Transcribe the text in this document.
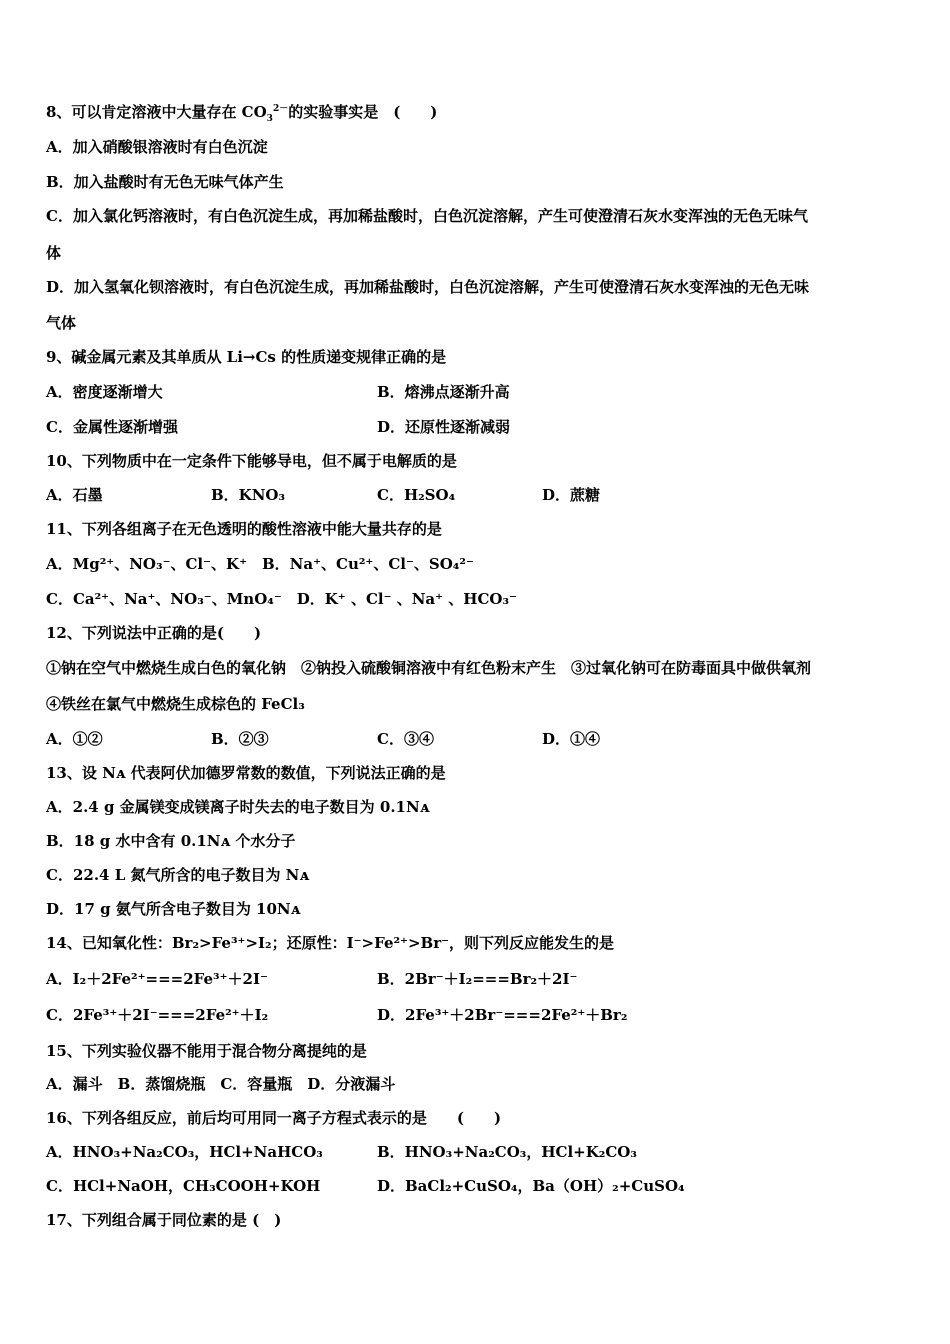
8、可以肯定溶液中大量存在 $CO_3^{2-}$的实验事实是　(　　)
A．加入硝酸银溶液时有白色沉淀
B．加入盐酸时有无色无味气体产生
C．加入氯化钙溶液时，有白色沉淀生成，再加稀盐酸时，白色沉淀溶解，产生可使澄清石灰水变浑浊的无色无味气
体
D．加入氢氧化钡溶液时，有白色沉淀生成，再加稀盐酸时，白色沉淀溶解，产生可使澄清石灰水变浑浊的无色无味
气体
9、碱金属元素及其单质从 Li→Cs 的性质递变规律正确的是
A．密度逐渐增大	B．熔沸点逐渐升高
C．金属性逐渐增强	D．还原性逐渐减弱
10、下列物质中在一定条件下能够导电，但不属于电解质的是
A．石墨	B．KNO₃	C．H₂SO₄	D．蔗糖
11、下列各组离子在无色透明的酸性溶液中能大量共存的是
A．Mg²⁺、NO₃⁻、Cl⁻、K⁺　B．Na⁺、Cu²⁺、Cl⁻、SO₄²⁻
C．Ca²⁺、Na⁺、NO₃⁻、MnO₄⁻　D．K⁺ 、Cl⁻ 、Na⁺ 、HCO₃⁻
12、下列说法中正确的是(　　)
①钠在空气中燃烧生成白色的氧化钠　②钠投入硫酸铜溶液中有红色粉末产生　③过氧化钠可在防毒面具中做供氧剂
④铁丝在氯气中燃烧生成棕色的 FeCl₃
A．①②	B．②③	C．③④	D．①④
13、设 Nᴀ 代表阿伏加德罗常数的数值，下列说法正确的是
A．2.4 g 金属镁变成镁离子时失去的电子数目为 0.1Nᴀ
B．18 g 水中含有 0.1Nᴀ 个水分子
C．22.4 L 氮气所含的电子数目为 Nᴀ
D．17 g 氨气所含电子数目为 10Nᴀ
14、已知氧化性：Br₂>Fe³⁺>I₂；还原性：I⁻>Fe²⁺>Br⁻，则下列反应能发生的是
A．I₂＋2Fe²⁺===2Fe³⁺＋2I⁻	B．2Br⁻＋I₂===Br₂＋2I⁻
C．2Fe³⁺＋2I⁻===2Fe²⁺＋I₂	D．2Fe³⁺＋2Br⁻===2Fe²⁺＋Br₂
15、下列实验仪器不能用于混合物分离提纯的是
A．漏斗　B．蒸馏烧瓶　C．容量瓶　D．分液漏斗
16、下列各组反应，前后均可用同一离子方程式表示的是　　(　　)
A．HNO₃+Na₂CO₃，HCl+NaHCO₃	B．HNO₃+Na₂CO₃，HCl+K₂CO₃
C．HCl+NaOH，CH₃COOH+KOH	D．BaCl₂+CuSO₄，Ba（OH）₂+CuSO₄
17、下列组合属于同位素的是 (　)
